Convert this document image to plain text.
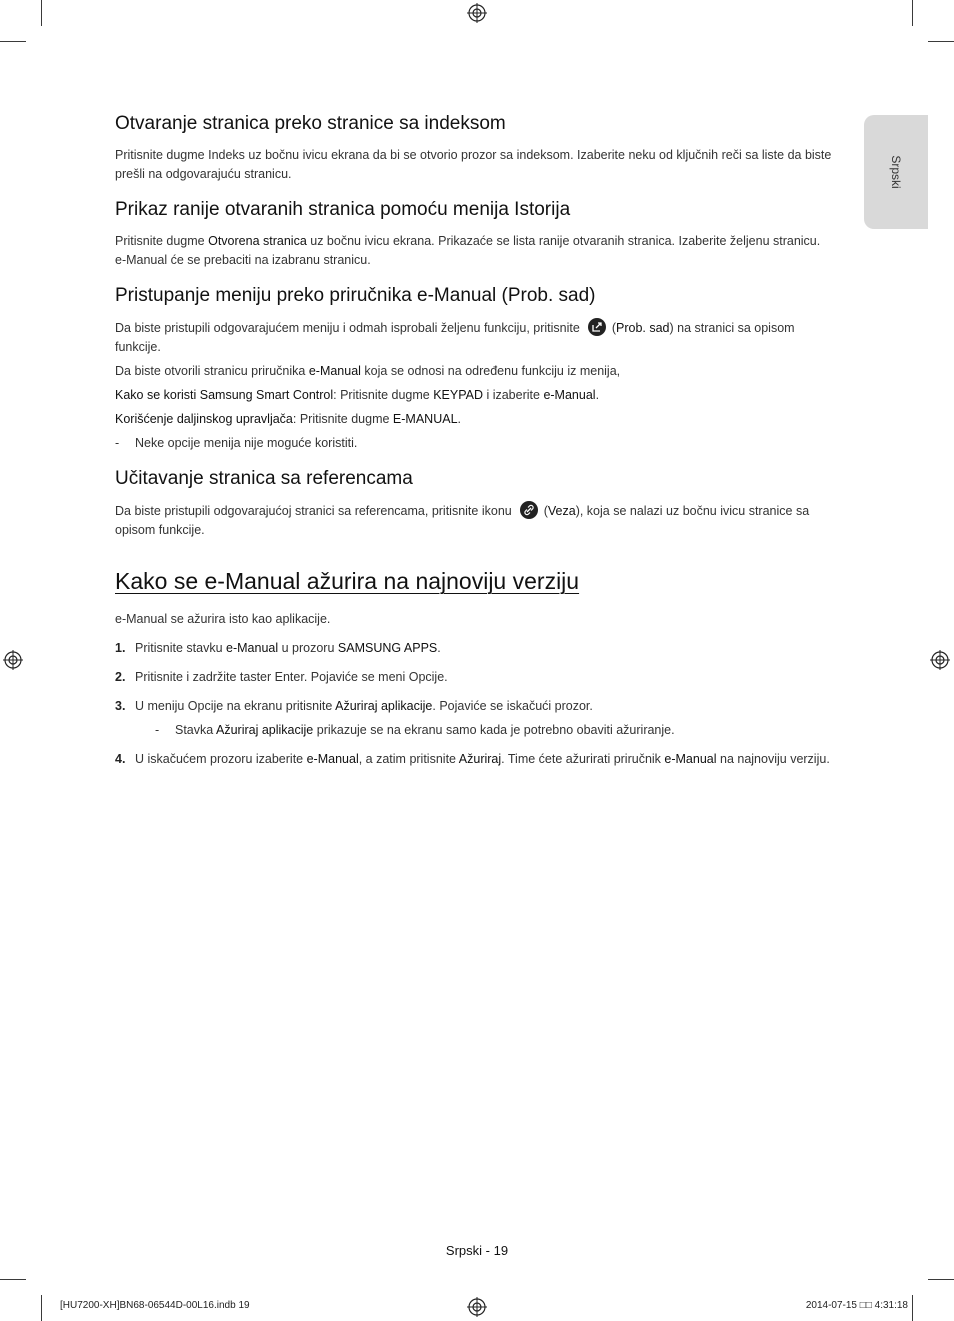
Srpski
Otvaranje stranica preko stranice sa indeksom

Pritisnite dugme Indeks uz bočnu ivicu ekrana da bi se otvorio prozor sa indeksom. Izaberite neku od ključnih reči sa liste da biste prešli na odgovarajuću stranicu.

Prikaz ranije otvaranih stranica pomoću menija Istorija

Pritisnite dugme Otvorena stranica uz bočnu ivicu ekrana. Prikazaće se lista ranije otvaranih stranica. Izaberite željenu stranicu. e-Manual će se prebaciti na izabranu stranicu.

Pristupanje meniju preko priručnika e-Manual (Prob. sad)

Da biste pristupili odgovarajućem meniju i odmah isprobali željenu funkciju, pritisnite	(Prob. sad) na stranici sa opisom funkcije.

Da biste otvorili stranicu priručnika e-Manual koja se odnosi na određenu funkciju iz menija,

Kako se koristi Samsung Smart Control: Pritisnite dugme KEYPAD i izaberite e-Manual.

Korišćenje daljinskog upravljača: Pritisnite dugme E-MANUAL.

- Neke opcije menija nije moguće koristiti.

Učitavanje stranica sa referencama

Da biste pristupili odgovarajućoj stranici sa referencama, pritisnite ikonu	(Veza), koja se nalazi uz bočnu ivicu stranice sa opisom funkcije.

Kako se e-Manual ažurira na najnoviju verziju

e-Manual se ažurira isto kao aplikacije.

1. Pritisnite stavku e-Manual u prozoru SAMSUNG APPS.
2. Pritisnite i zadržite taster Enter. Pojaviće se meni Opcije.
3. U meniju Opcije na ekranu pritisnite Ažuriraj aplikacije. Pojaviće se iskačući prozor.
- Stavka Ažuriraj aplikacije prikazuje se na ekranu samo kada je potrebno obaviti ažuriranje.
4. U iskačućem prozoru izaberite e-Manual, a zatim pritisnite Ažuriraj. Time ćete ažurirati priručnik e-Manual na najnoviju verziju.
Srpski - 19
[HU7200-XH]BN68-06544D-00L16.indb 19	2014-07-15 □□ 4:31:18
